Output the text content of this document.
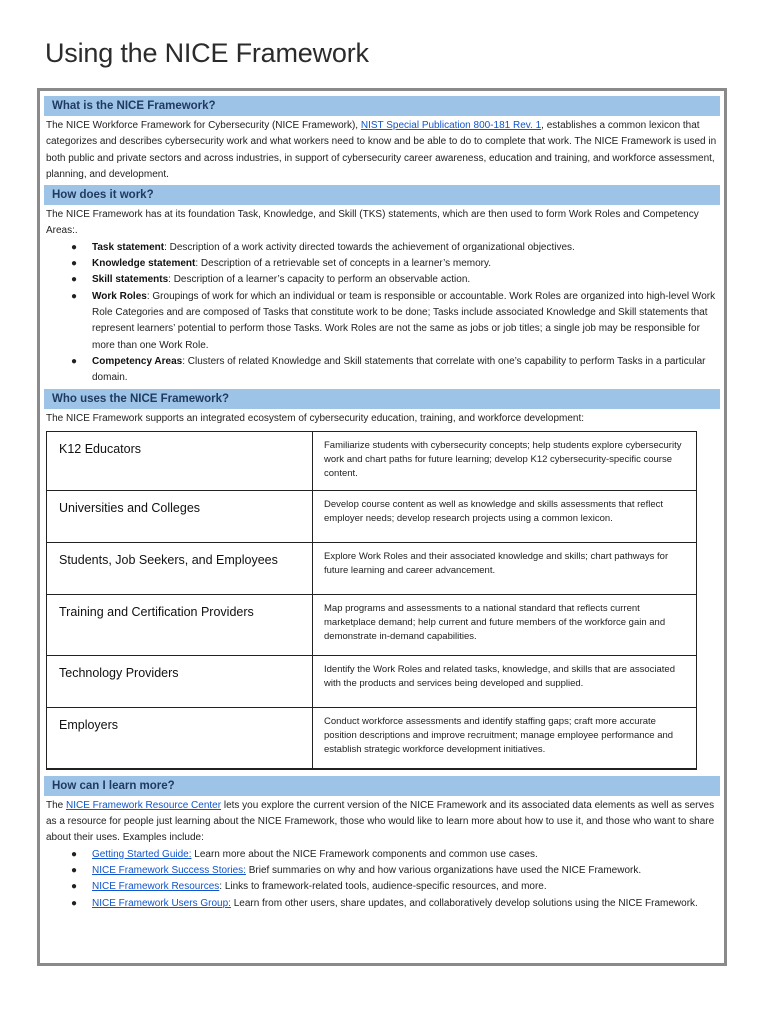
Using the NICE Framework
What is the NICE Framework?

The NICE Workforce Framework for Cybersecurity (NICE Framework), NIST Special Publication 800-181 Rev. 1, establishes a common lexicon that categorizes and describes cybersecurity work and what workers need to know and be able to do to complete that work. The NICE Framework is used in both public and private sectors and across industries, in support of cybersecurity career awareness, education and training, and workforce assessment, planning, and development.

How does it work?

The NICE Framework has at its foundation Task, Knowledge, and Skill (TKS) statements, which are then used to form Work Roles and Competency Areas:.

● Task statement: Description of a work activity directed towards the achievement of organizational objectives.
● Knowledge statement: Description of a retrievable set of concepts in a learner’s memory.
● Skill statements: Description of a learner’s capacity to perform an observable action.
● Work Roles: Groupings of work for which an individual or team is responsible or accountable. Work Roles are organized into high-level Work Role Categories and are composed of Tasks that constitute work to be done; Tasks include associated Knowledge and Skill statements that represent learners’ potential to perform those Tasks. Work Roles are not the same as jobs or job titles; a single job may be responsible for more than one Work Role.
● Competency Areas: Clusters of related Knowledge and Skill statements that correlate with one’s capability to perform Tasks in a particular domain.
Who uses the NICE Framework?

The NICE Framework supports an integrated ecosystem of cybersecurity education, training, and workforce development:

K12 Educators	Familiarize students with cybersecurity concepts; help students explore cybersecurity work and chart paths for future learning; develop K12 cybersecurity-specific course content.
Universities and Colleges	Develop course content as well as knowledge and skills assessments that reflect employer needs; develop research projects using a common lexicon.
Students, Job Seekers, and Employees	Explore Work Roles and their associated knowledge and skills; chart pathways for future learning and career advancement.
Training and Certification Providers	Map programs and assessments to a national standard that reflects current marketplace demand; help current and future members of the workforce gain and demonstrate in-demand capabilities.
Technology Providers	Identify the Work Roles and related tasks, knowledge, and skills that are associated with the products and services being developed and supplied.
Employers	Conduct workforce assessments and identify staffing gaps; craft more accurate position descriptions and improve recruitment; manage employee performance and establish strategic workforce development initiatives.
How can I learn more?

The NICE Framework Resource Center lets you explore the current version of the NICE Framework and its associated data elements as well as serves as a resource for people just learning about the NICE Framework, those who would like to learn more about how to use it, and those who want to share about their uses. Examples include:

● Getting Started Guide: Learn more about the NICE Framework components and common use cases.
● NICE Framework Success Stories: Brief summaries on why and how various organizations have used the NICE Framework.
● NICE Framework Resources: Links to framework-related tools, audience-specific resources, and more.
● NICE Framework Users Group: Learn from other users, share updates, and collaboratively develop solutions using the NICE Framework.
